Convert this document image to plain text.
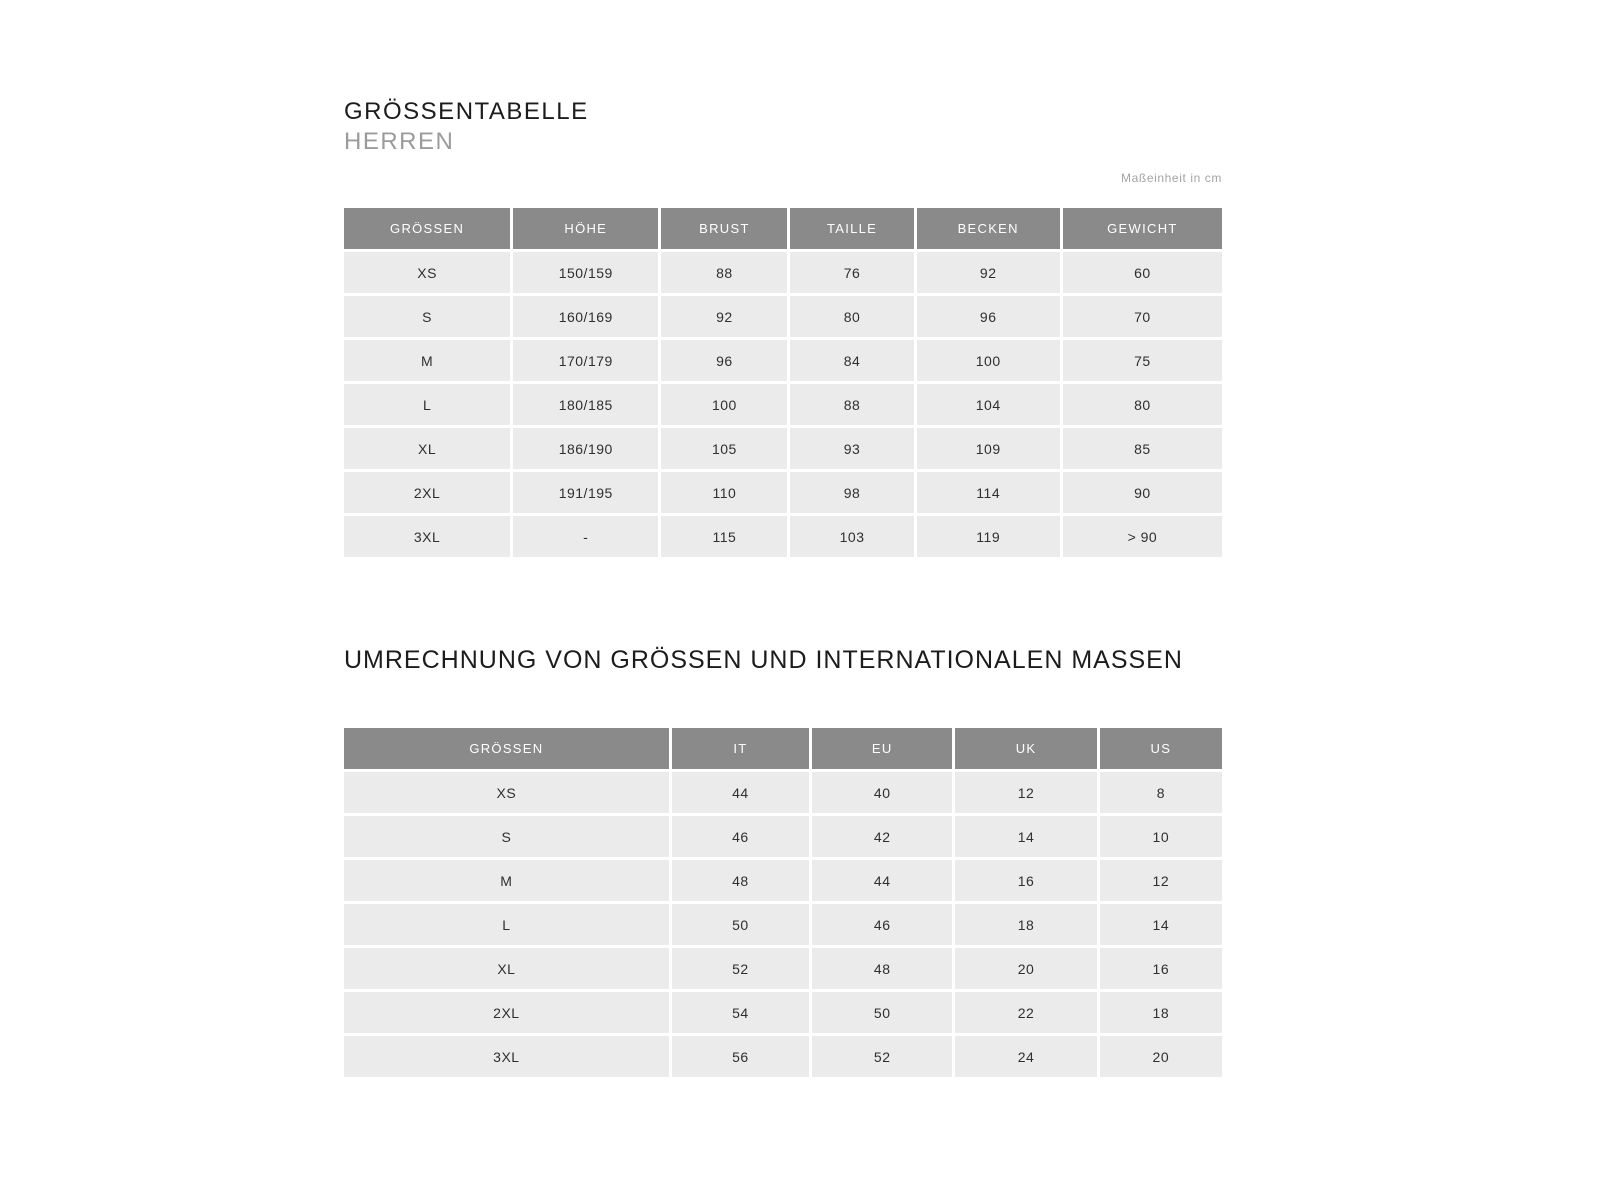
GRÖSSENTABELLE
HERREN
Maßeinheit in cm
GRÖSSEN	HÖHE	BRUST	TAILLE	BECKEN	GEWICHT
XS	150/159	88	76	92	60
S	160/169	92	80	96	70
M	170/179	96	84	100	75
L	180/185	100	88	104	80
XL	186/190	105	93	109	85
2XL	191/195	110	98	114	90
3XL	-	115	103	119	> 90
UMRECHNUNG VON GRÖSSEN UND INTERNATIONALEN MASSEN
GRÖSSEN	IT	EU	UK	US
XS	44	40	12	8
S	46	42	14	10
M	48	44	16	12
L	50	46	18	14
XL	52	48	20	16
2XL	54	50	22	18
3XL	56	52	24	20
